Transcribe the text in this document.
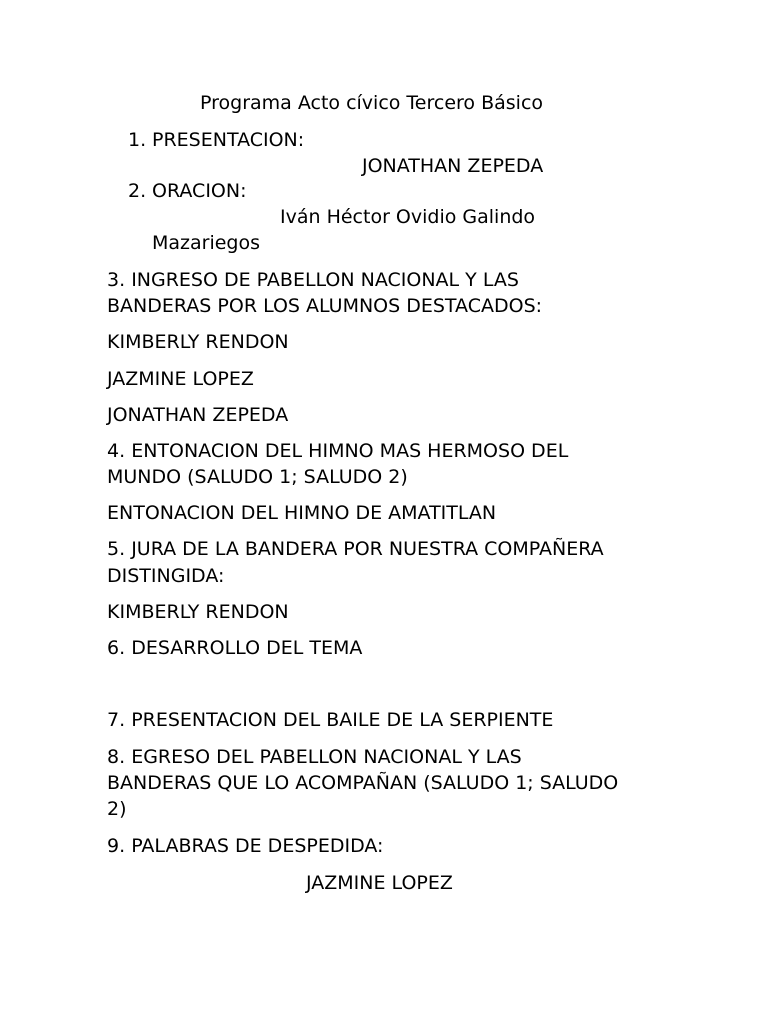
Programa Acto cívico Tercero Básico
1. PRESENTACION:
JONATHAN ZEPEDA
2. ORACION:
Iván Héctor Ovidio Galindo
Mazariegos
3. INGRESO DE PABELLON NACIONAL Y LAS
BANDERAS POR LOS ALUMNOS DESTACADOS:
KIMBERLY RENDON
JAZMINE LOPEZ
JONATHAN ZEPEDA
4. ENTONACION DEL HIMNO MAS HERMOSO DEL
MUNDO (SALUDO 1; SALUDO 2)
ENTONACION DEL HIMNO DE AMATITLAN
5. JURA DE LA BANDERA POR NUESTRA COMPAÑERA
DISTINGIDA:
KIMBERLY RENDON
6. DESARROLLO DEL TEMA
7. PRESENTACION DEL BAILE DE LA SERPIENTE
8. EGRESO DEL PABELLON NACIONAL Y LAS
BANDERAS QUE LO ACOMPAÑAN (SALUDO 1; SALUDO
2)
9. PALABRAS DE DESPEDIDA:
JAZMINE LOPEZ
